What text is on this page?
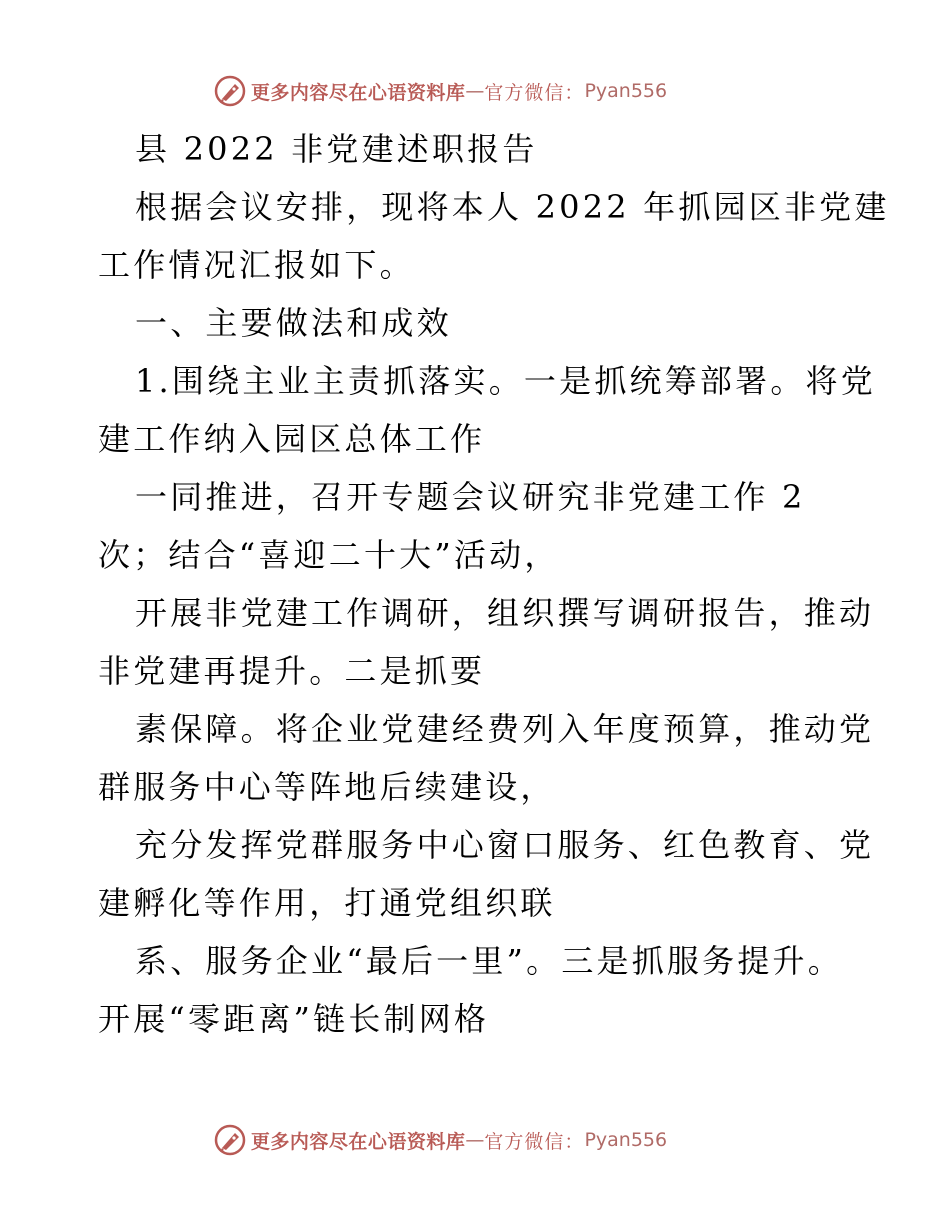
更多内容尽在心语资料库 — 官方微信： Pyan556
县 2022 非党建述职报告
根据会议安排，现将本人 2022 年抓园区非党建
工作情况汇报如下。
一、主要做法和成效
1.围绕主业主责抓落实。一是抓统筹部署。将党
建工作纳入园区总体工作
一同推进，召开专题会议研究非党建工作 2
次；结合“喜迎二十大”活动，
开展非党建工作调研，组织撰写调研报告，推动
非党建再提升。二是抓要
素保障。将企业党建经费列入年度预算，推动党
群服务中心等阵地后续建设，
充分发挥党群服务中心窗口服务、红色教育、党
建孵化等作用，打通党组织联
系、服务企业“最后一里”。三是抓服务提升。
开展“零距离”链长制网格
更多内容尽在心语资料库 — 官方微信： Pyan556
